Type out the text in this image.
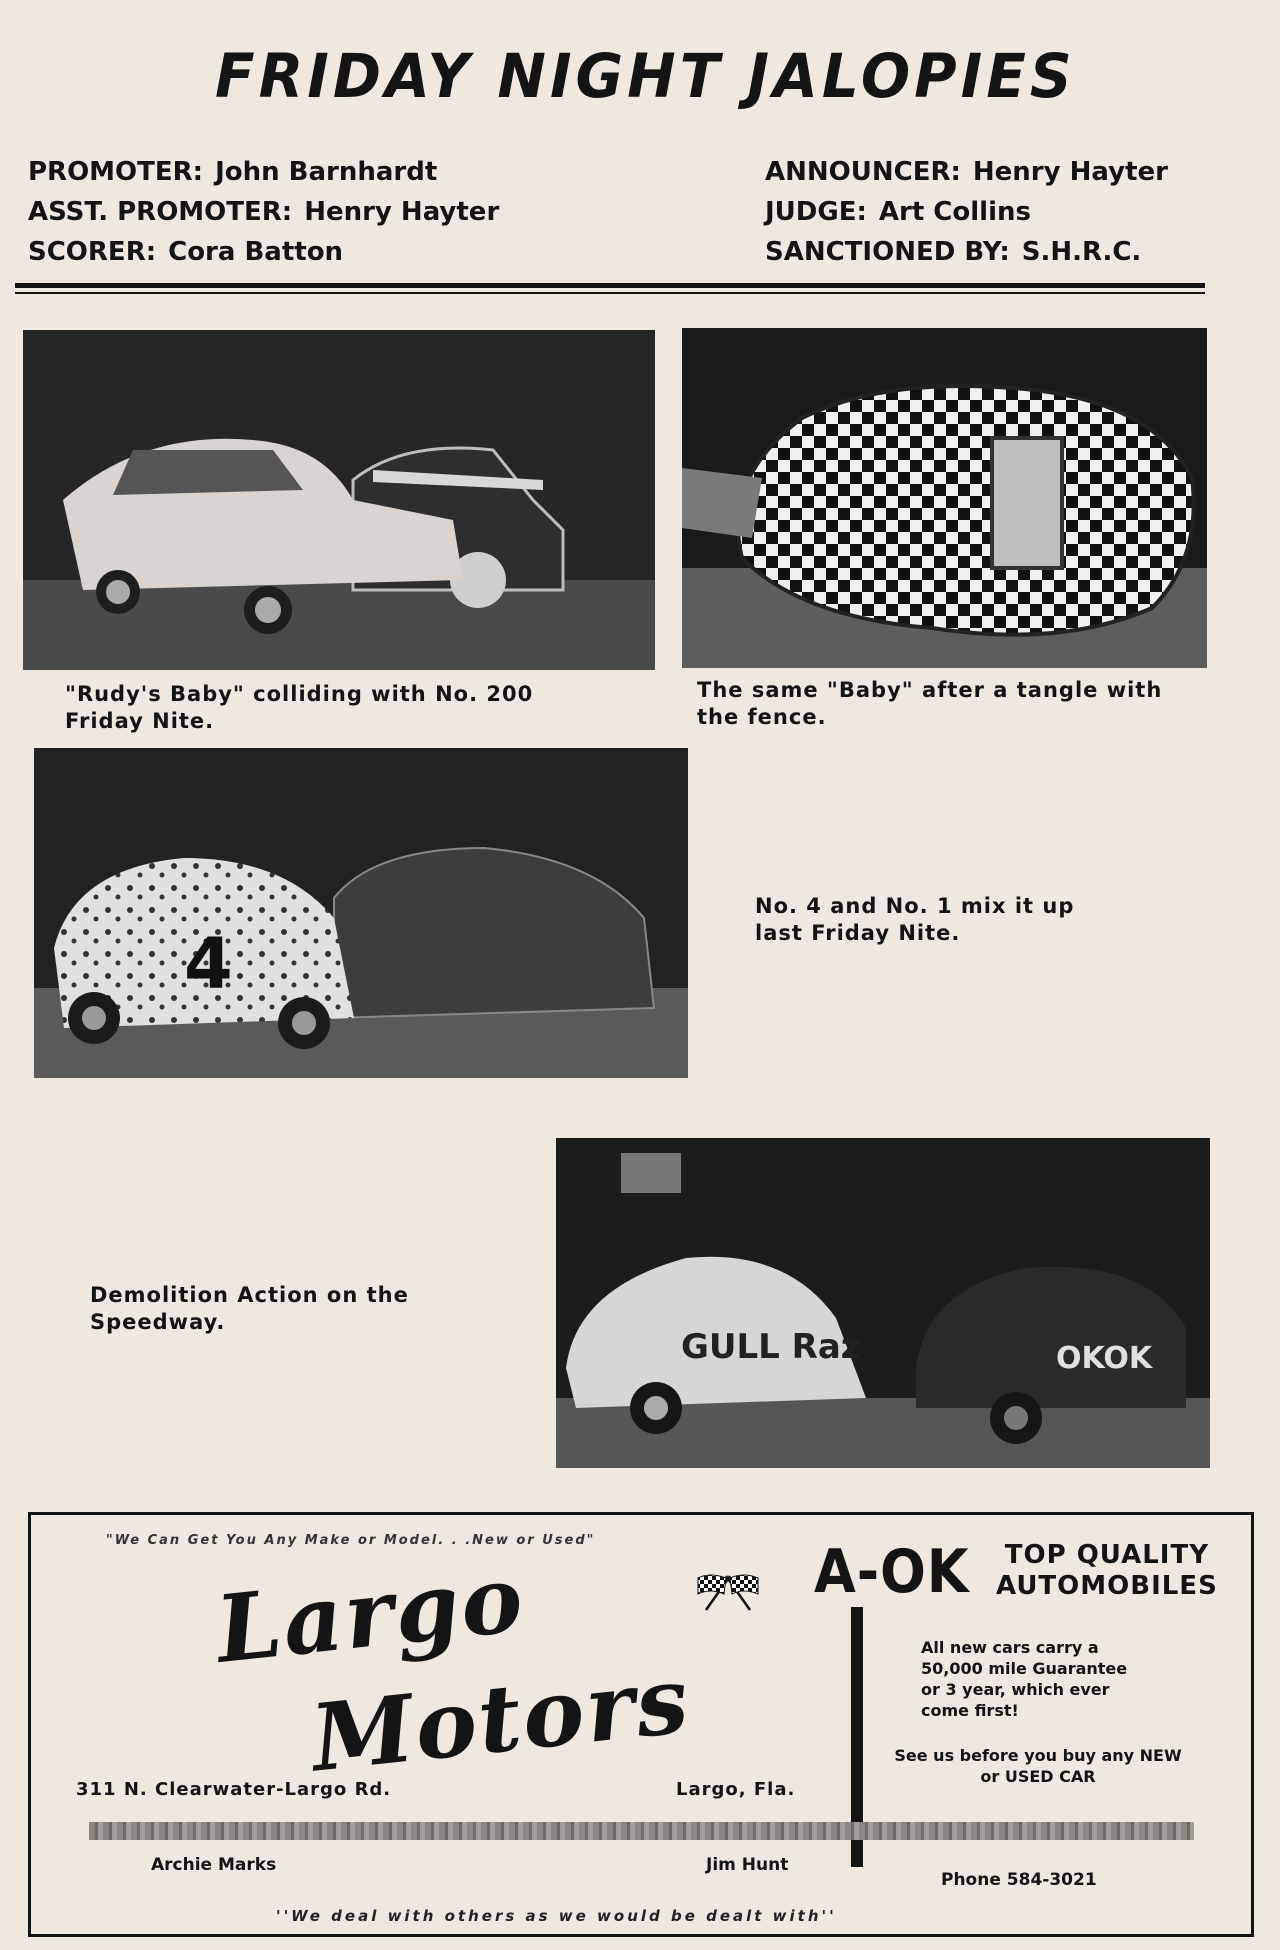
FRIDAY NIGHT JALOPIES
PROMOTER: John Barnhardt
ASST. PROMOTER: Henry Hayter
SCORER: Cora Batton
ANNOUNCER: Henry Hayter
JUDGE: Art Collins
SANCTIONED BY: S.H.R.C.
4
GULL Raz	OKOK
"Rudy's Baby" colliding with No. 200
Friday Nite.
The same "Baby" after a tangle with
the fence.
No. 4 and No. 1 mix it up
last Friday Nite.
Demolition Action on the
Speedway.
"We Can Get You Any Make or Model. . .New or Used"
Largo
Motors
311 N. Clearwater-Largo Rd.	Largo, Fla.
A-OK	TOP QUALITY
AUTOMOBILES
All new cars carry a 50,000 mile Guarantee or 3 year, which ever come first!
See us before you buy any NEW or USED CAR
Archie Marks	Jim Hunt
Phone 584-3021
''We deal with others as we would be dealt with''
